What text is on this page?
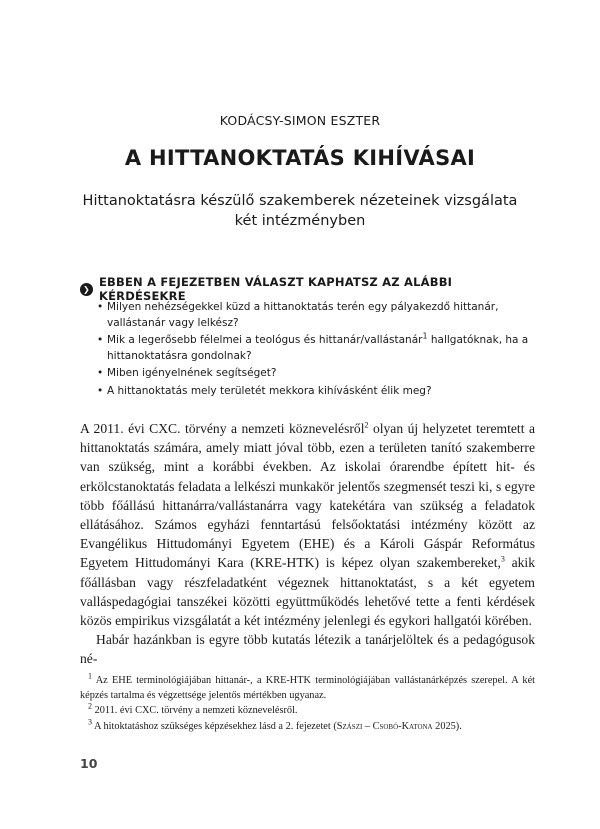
KODÁCSY-SIMON ESZTER
A HITTANOKTATÁS KIHÍVÁSAI
Hittanoktatásra készülő szakemberek nézeteinek vizsgálata
két intézményben
❯ EBBEN A FEJEZETBEN VÁLASZT KAPHATSZ AZ ALÁBBI KÉRDÉSEKRE
• Milyen nehézségekkel küzd a hittanoktatás terén egy pályakezdő hittanár, vallástanár vagy lelkész?
• Mik a legerősebb félelmei a teológus és hittanár/vallástanár$^1$ hallgatóknak, ha a hittanoktatásra gondolnak?
• Miben igényelnének segítséget?
• A hittanoktatás mely területét mekkora kihívásként élik meg?

A 2011. évi CXC. törvény a nemzeti köznevelésről$^2$ olyan új helyzetet teremtett a hittanoktatás számára, amely miatt jóval több, ezen a területen tanító szakemberre van szükség, mint a korábbi években. Az iskolai órarendbe épített hit- és erkölcstanoktatás feladata a lelkészi munkakör jelentős szegmensét teszi ki, s egyre több főállású hittanárra/vallástanárra vagy katekétára van szükség a feladatok ellátásához. Számos egyházi fenntartású felsőoktatási intézmény között az Evangélikus Hittudományi Egyetem (EHE) és a Károli Gáspár Református Egyetem Hittudományi Kara (KRE-HTK) is képez olyan szakembereket,$^3$ akik főállásban vagy részfeladatként végeznek hittanoktatást, s a két egyetem valláspedagógiai tanszékei közötti együttműködés lehetővé tette a fenti kérdések közös empirikus vizsgálatát a két intézmény jelenlegi és egykori hallgatói körében.

Habár hazánkban is egyre több kutatás létezik a tanárjelöltek és a pedagógusok né-

$^1$ Az EHE terminológiájában hittanár-, a KRE-HTK terminológiájában vallástanárképzés szerepel. A két képzés tartalma és végzettsége jelentős mértékben ugyanaz.

$^2$ 2011. évi CXC. törvény a nemzeti köznevelésről.

$^3$ A hitoktatáshoz szükséges képzésekhez lásd a 2. fejezetet (Szászi – Csobó-Katona 2025).

10
